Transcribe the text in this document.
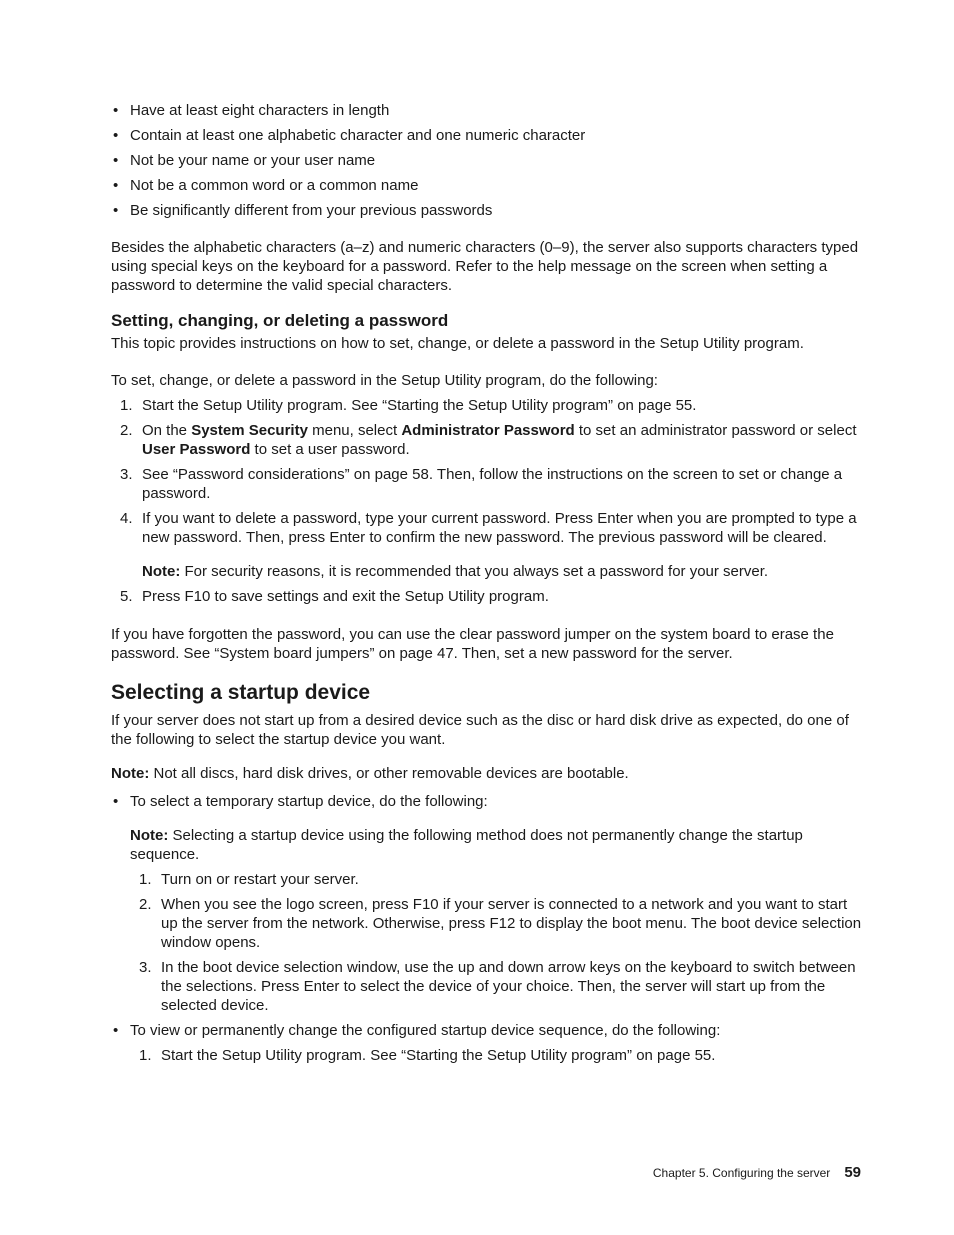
• Have at least eight characters in length
• Contain at least one alphabetic character and one numeric character
• Not be your name or your user name
• Not be a common word or a common name
• Be significantly different from your previous passwords

Besides the alphabetic characters (a–z) and numeric characters (0–9), the server also supports characters typed using special keys on the keyboard for a password. Refer to the help message on the screen when setting a password to determine the valid special characters.

Setting, changing, or deleting a password

This topic provides instructions on how to set, change, or delete a password in the Setup Utility program.

To set, change, or delete a password in the Setup Utility program, do the following:

1. Start the Setup Utility program. See “Starting the Setup Utility program” on page 55.
2. On the System Security menu, select Administrator Password to set an administrator password or select User Password to set a user password.
3. See “Password considerations” on page 58. Then, follow the instructions on the screen to set or change a password.
4. If you want to delete a password, type your current password. Press Enter when you are prompted to type a new password. Then, press Enter to confirm the new password. The previous password will be cleared.

Note: For security reasons, it is recommended that you always set a password for your server.

5. Press F10 to save settings and exit the Setup Utility program.

If you have forgotten the password, you can use the clear password jumper on the system board to erase the password. See “System board jumpers” on page 47. Then, set a new password for the server.

Selecting a startup device

If your server does not start up from a desired device such as the disc or hard disk drive as expected, do one of the following to select the startup device you want.

Note: Not all discs, hard disk drives, or other removable devices are bootable.

• To select a temporary startup device, do the following:

Note: Selecting a startup device using the following method does not permanently change the startup sequence.

1. Turn on or restart your server.
2. When you see the logo screen, press F10 if your server is connected to a network and you want to start up the server from the network. Otherwise, press F12 to display the boot menu. The boot device selection window opens.
3. In the boot device selection window, use the up and down arrow keys on the keyboard to switch between the selections. Press Enter to select the device of your choice. Then, the server will start up from the selected device.
• To view or permanently change the configured startup device sequence, do the following:
1. Start the Setup Utility program. See “Starting the Setup Utility program” on page 55.
Chapter 5. Configuring the server 59
